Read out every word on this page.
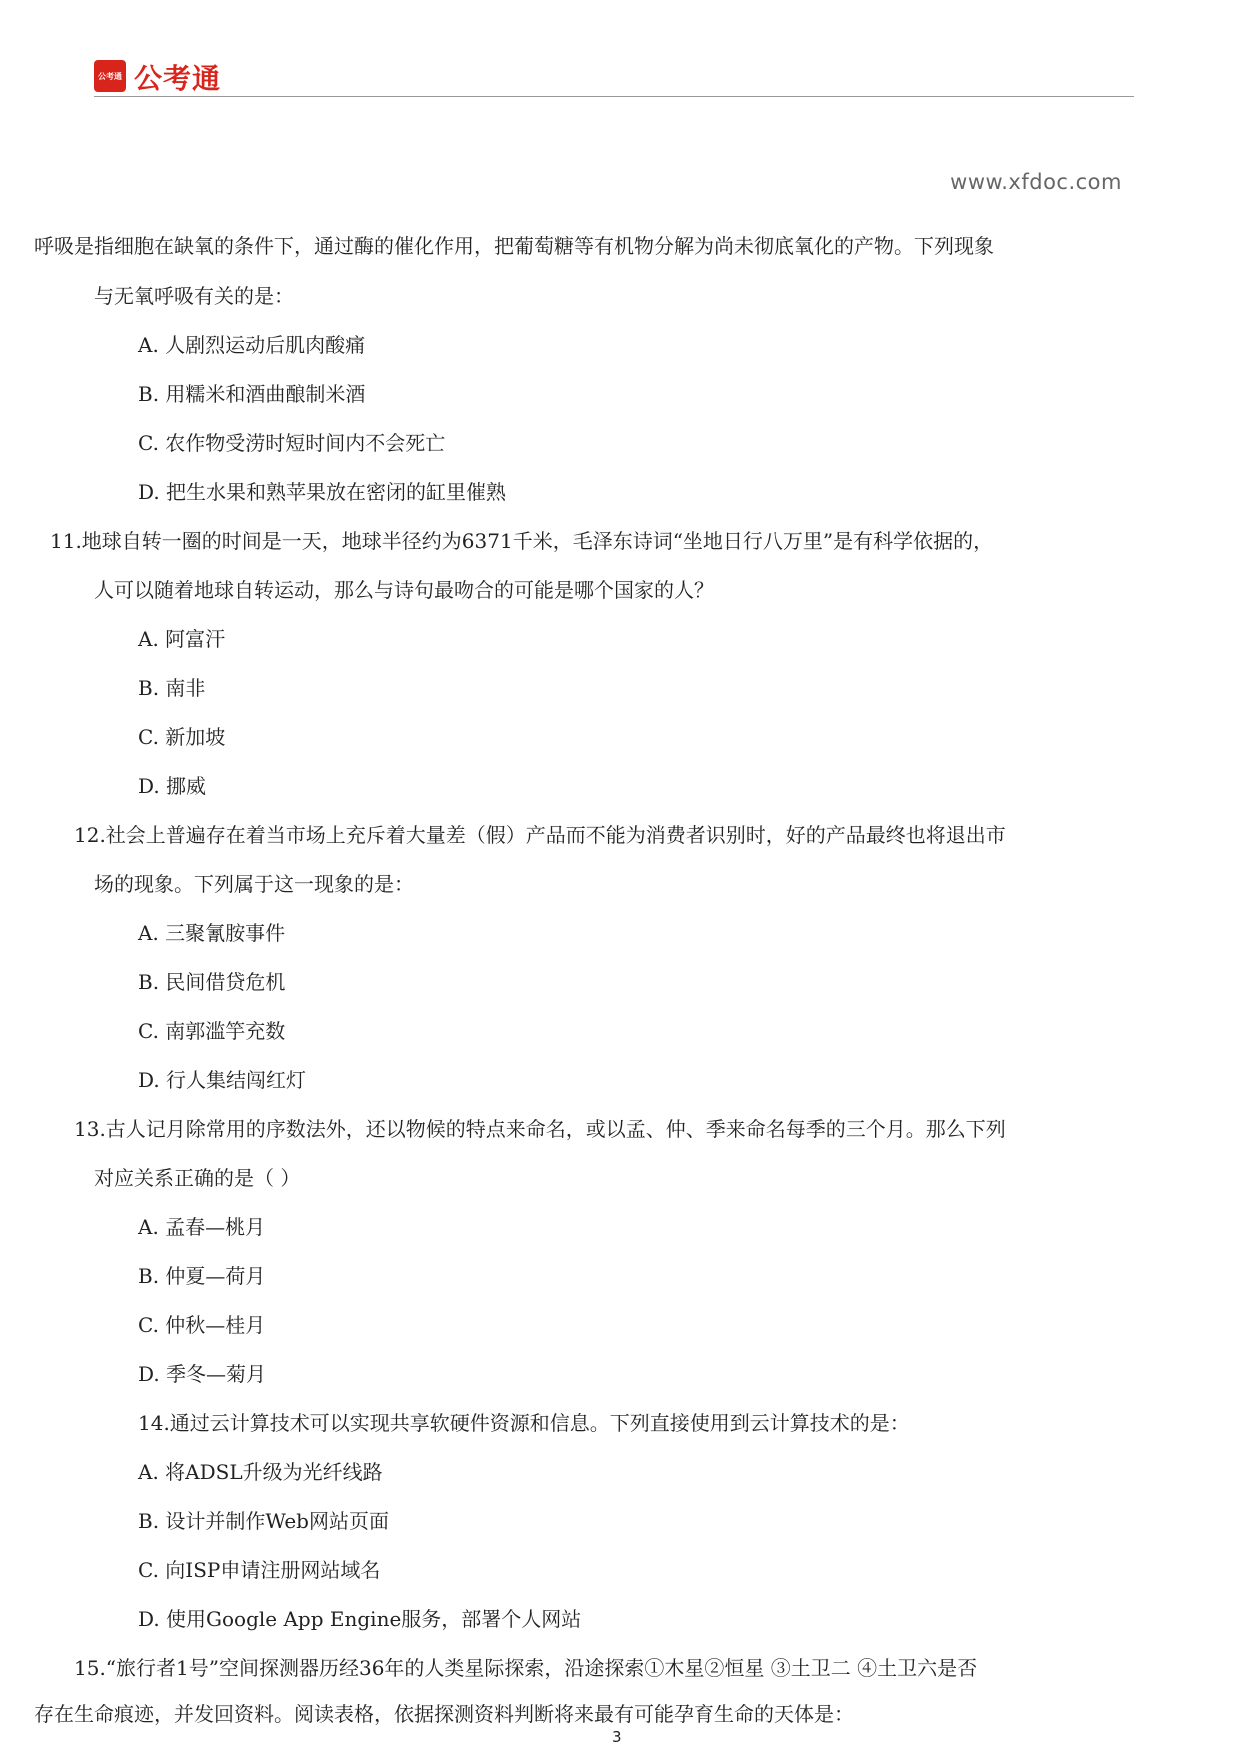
公考通 公考通
www.xfdoc.com
呼吸是指细胞在缺氧的条件下，通过酶的催化作用，把葡萄糖等有机物分解为尚未彻底氧化的产物。下列现象
与无氧呼吸有关的是：
A. 人剧烈运动后肌肉酸痛
B. 用糯米和酒曲酿制米酒
C. 农作物受涝时短时间内不会死亡
D. 把生水果和熟苹果放在密闭的缸里催熟
11.地球自转一圈的时间是一天，地球半径约为6371千米，毛泽东诗词“坐地日行八万里”是有科学依据的，
人可以随着地球自转运动，那么与诗句最吻合的可能是哪个国家的人？
A. 阿富汗
B. 南非
C. 新加坡
D. 挪威
12.社会上普遍存在着当市场上充斥着大量差（假）产品而不能为消费者识别时，好的产品最终也将退出市
场的现象。下列属于这一现象的是：
A. 三聚氰胺事件
B. 民间借贷危机
C. 南郭滥竽充数
D. 行人集结闯红灯
13.古人记月除常用的序数法外，还以物候的特点来命名，或以孟、仲、季来命名每季的三个月。那么下列
对应关系正确的是（ ）
A. 孟春—桃月
B. 仲夏—荷月
C. 仲秋—桂月
D. 季冬—菊月
14.通过云计算技术可以实现共享软硬件资源和信息。下列直接使用到云计算技术的是：
A. 将ADSL升级为光纤线路
B. 设计并制作Web网站页面
C. 向ISP申请注册网站域名
D. 使用Google App Engine服务，部署个人网站
15.“旅行者1号”空间探测器历经36年的人类星际探索，沿途探索①木星②恒星 ③土卫二 ④土卫六是否
存在生命痕迹，并发回资料。阅读表格，依据探测资料判断将来最有可能孕育生命的天体是：
3
